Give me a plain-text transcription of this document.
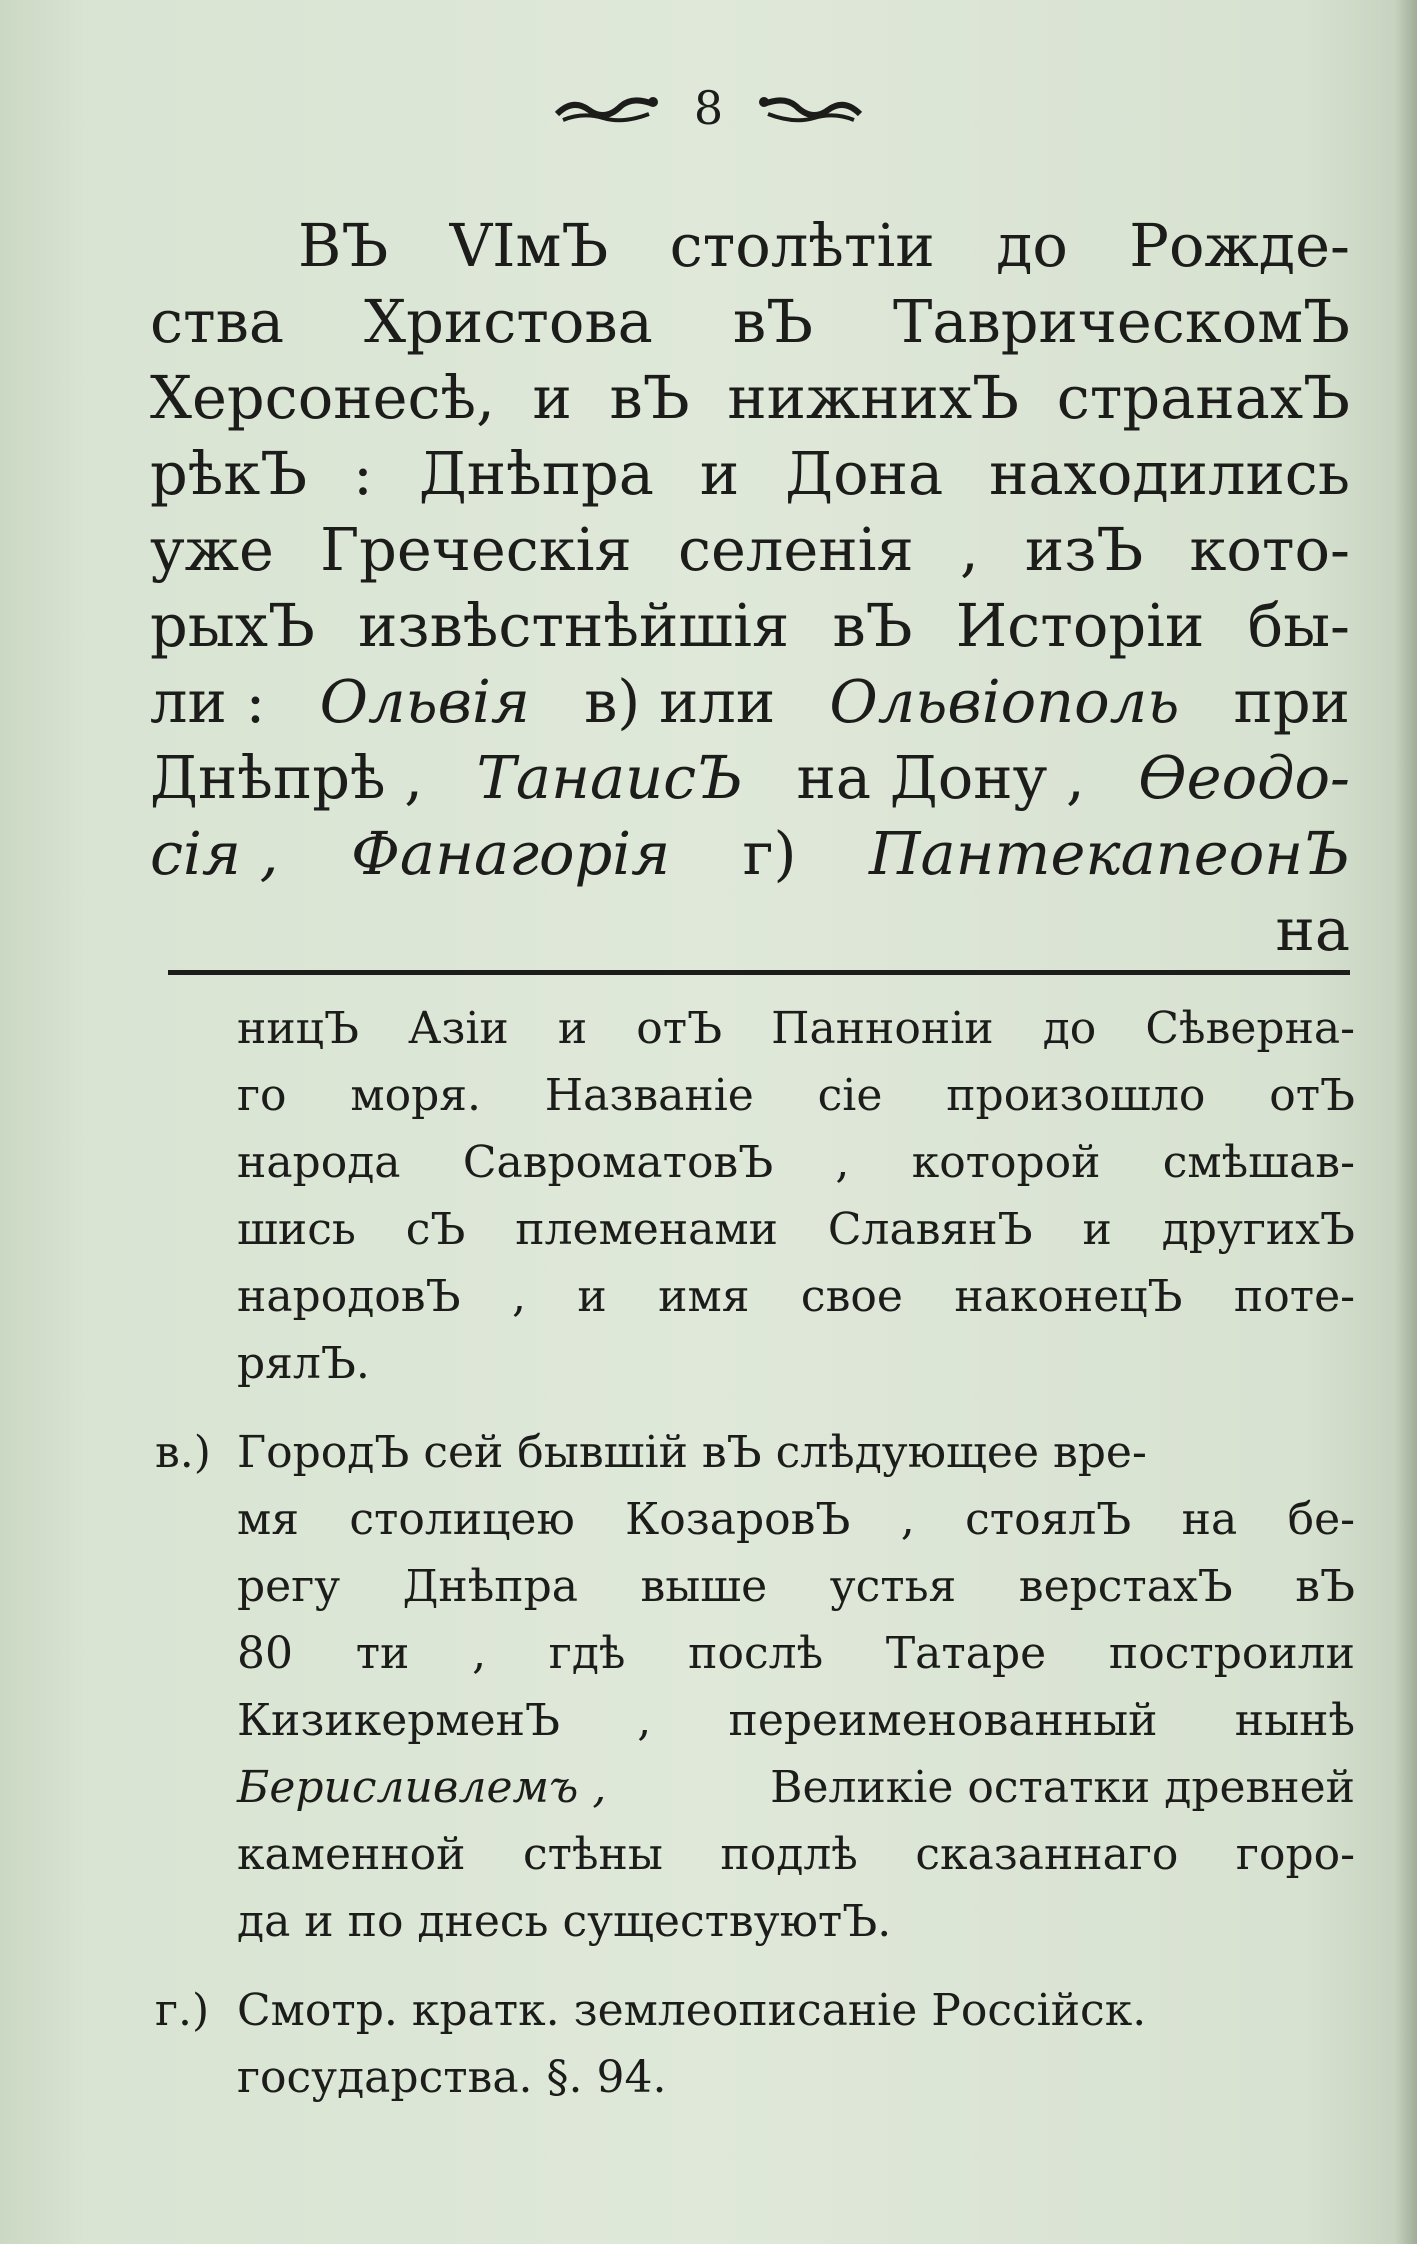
8
ВЪ VIмЪ столѣтіи до Рожде-
ства Христова вЪ ТаврическомЪ
Херсонесѣ, и вЪ нижнихЪ странахЪ
рѣкЪ : Днѣпра и Дона находились
уже Греческія селенія , изЪ кото-
рыхЪ извѣстнѣйшія вЪ Исторіи бы-
ли : Ольвія в) или Ольвіополь при
Днѣпрѣ , ТанаисЪ на Дону , Ѳеодо-
сія , Фанагорія г) ПантекапеонЪ
на
ницЪ Азіи и отЪ Панноніи до Сѣверна-
го моря. Названіе сіе произошло отЪ
народа СавроматовЪ , которой смѣшав-
шись сЪ племенами СлавянЪ и другихЪ
народовЪ , и имя свое наконецЪ поте-
рялЪ.
в.) ГородЪ сей бывшій вЪ слѣдующее вре-
мя столицею КозаровЪ , стоялЪ на бе-
регу Днѣпра выше устья верстахЪ вЪ
80 ти , гдѣ послѣ Татаре построили
КизикерменЪ , переименованный нынѣ
Берисливлемъ ,	Великіе остатки древней
каменной стѣны подлѣ сказаннаго горо-
да и по днесь существуютЪ.
г.) Смотр. кратк. землеописаніе Россійск.
государства. §. 94.
